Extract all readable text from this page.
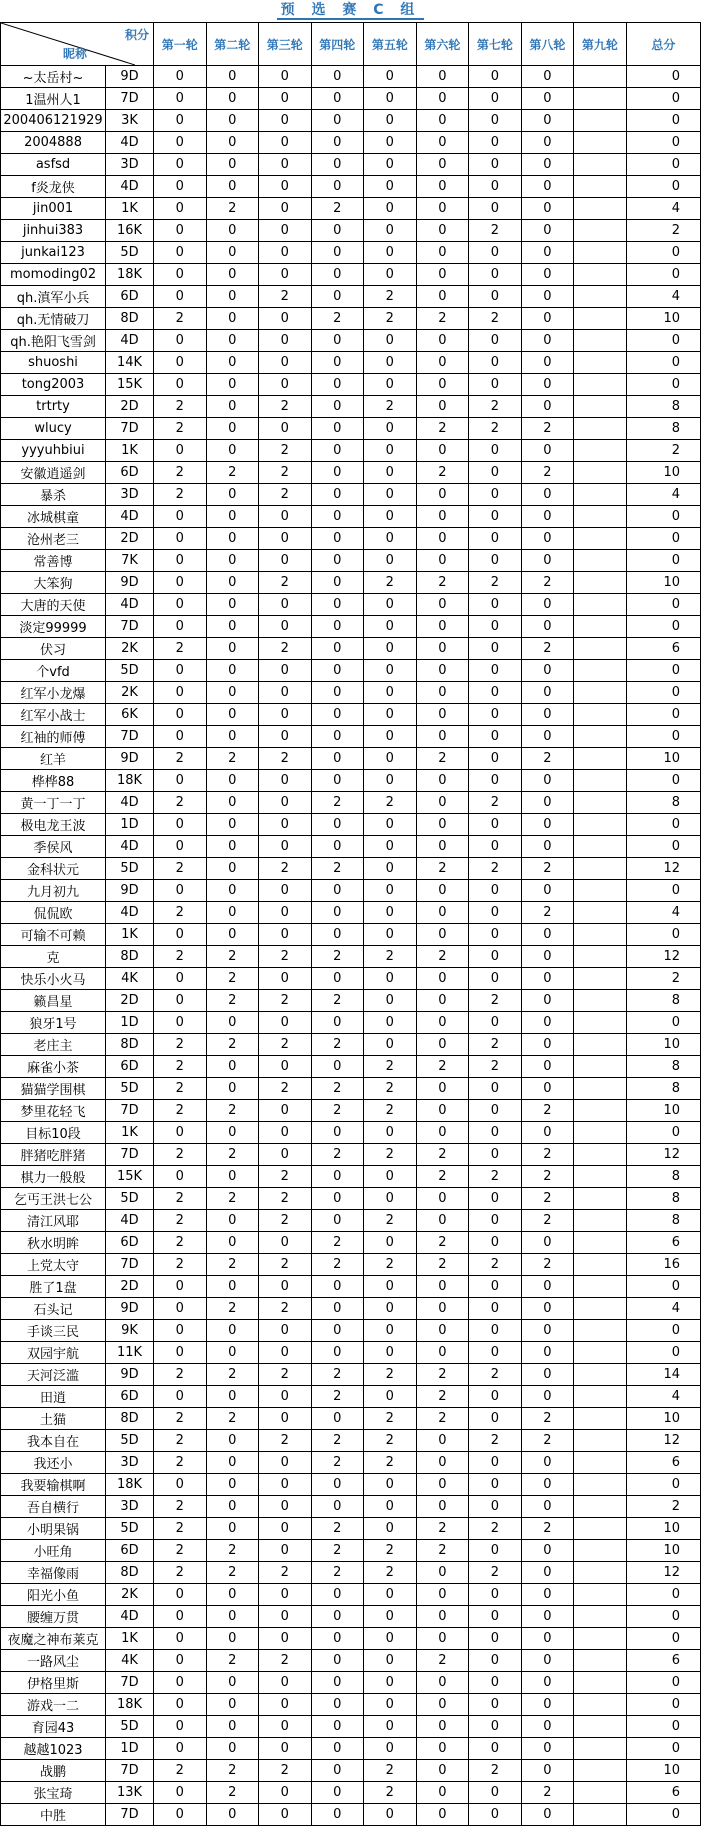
预 选 赛 C 组
积分
昵称		第一轮	第二轮	第三轮	第四轮	第五轮	第六轮	第七轮	第八轮	第九轮	总分
~太岳村~	9D	0	0	0	0	0	0	0	0		0
1温州人1	7D	0	0	0	0	0	0	0	0		0
200406121929	3K	0	0	0	0	0	0	0	0		0
2004888	4D	0	0	0	0	0	0	0	0		0
asfsd	3D	0	0	0	0	0	0	0	0		0
f炎龙侠	4D	0	0	0	0	0	0	0	0		0
jin001	1K	0	2	0	2	0	0	0	0		4
jinhui383	16K	0	0	0	0	0	0	2	0		2
junkai123	5D	0	0	0	0	0	0	0	0		0
momoding02	18K	0	0	0	0	0	0	0	0		0
qh.滇军小兵	6D	0	0	2	0	2	0	0	0		4
qh.无情破刀	8D	2	0	0	2	2	2	2	0		10
qh.艳阳飞雪剑	4D	0	0	0	0	0	0	0	0		0
shuoshi	14K	0	0	0	0	0	0	0	0		0
tong2003	15K	0	0	0	0	0	0	0	0		0
trtrty	2D	2	0	2	0	2	0	2	0		8
wlucy	7D	2	0	0	0	0	2	2	2		8
yyyuhbiui	1K	0	0	2	0	0	0	0	0		2
安徽逍遥剑	6D	2	2	2	0	0	2	0	2		10
暴杀	3D	2	0	2	0	0	0	0	0		4
冰城棋童	4D	0	0	0	0	0	0	0	0		0
沧州老三	2D	0	0	0	0	0	0	0	0		0
常善博	7K	0	0	0	0	0	0	0	0		0
大笨狗	9D	0	0	2	0	2	2	2	2		10
大唐的天使	4D	0	0	0	0	0	0	0	0		0
淡定99999	7D	0	0	0	0	0	0	0	0		0
伏习	2K	2	0	2	0	0	0	0	2		6
个vfd	5D	0	0	0	0	0	0	0	0		0
红军小龙爆	2K	0	0	0	0	0	0	0	0		0
红军小战士	6K	0	0	0	0	0	0	0	0		0
红袖的师傅	7D	0	0	0	0	0	0	0	0		0
红羊	9D	2	2	2	0	0	2	0	2		10
桦桦88	18K	0	0	0	0	0	0	0	0		0
黄一丁一丁	4D	2	0	0	2	2	0	2	0		8
极电龙王波	1D	0	0	0	0	0	0	0	0		0
季侯风	4D	0	0	0	0	0	0	0	0		0
金科状元	5D	2	0	2	2	0	2	2	2		12
九月初九	9D	0	0	0	0	0	0	0	0		0
侃侃欧	4D	2	0	0	0	0	0	0	2		4
可输不可赖	1K	0	0	0	0	0	0	0	0		0
克	8D	2	2	2	2	2	2	0	0		12
快乐小火马	4K	0	2	0	0	0	0	0	0		2
籁昌星	2D	0	2	2	2	0	0	2	0		8
狼牙1号	1D	0	0	0	0	0	0	0	0		0
老庄主	8D	2	2	2	2	0	0	2	0		10
麻雀小茶	6D	2	0	0	0	2	2	2	0		8
猫猫学围棋	5D	2	0	2	2	2	0	0	0		8
梦里花轻飞	7D	2	2	0	2	2	0	0	2		10
目标10段	1K	0	0	0	0	0	0	0	0		0
胖猪吃胖猪	7D	2	2	0	2	2	2	0	2		12
棋力一般般	15K	0	0	2	0	0	2	2	2		8
乞丐王洪七公	5D	2	2	2	0	0	0	0	2		8
清江风耶	4D	2	0	2	0	2	0	0	2		8
秋水明眸	6D	2	0	0	2	0	2	0	0		6
上党太守	7D	2	2	2	2	2	2	2	2		16
胜了1盘	2D	0	0	0	0	0	0	0	0		0
石头记	9D	0	2	2	0	0	0	0	0		4
手谈三民	9K	0	0	0	0	0	0	0	0		0
双园宇航	11K	0	0	0	0	0	0	0	0		0
天河泛滥	9D	2	2	2	2	2	2	2	0		14
田逍	6D	0	0	0	2	0	2	0	0		4
土猫	8D	2	2	0	0	2	2	0	2		10
我本自在	5D	2	0	2	2	2	0	2	2		12
我还小	3D	2	0	0	2	2	0	0	0		6
我要输棋啊	18K	0	0	0	0	0	0	0	0		0
吾自横行	3D	2	0	0	0	0	0	0	0		2
小明果锅	5D	2	0	0	2	0	2	2	2		10
小旺角	6D	2	2	0	2	2	2	0	0		10
幸福像雨	8D	2	2	2	2	2	0	2	0		12
阳光小鱼	2K	0	0	0	0	0	0	0	0		0
腰缠万贯	4D	0	0	0	0	0	0	0	0		0
夜魔之神布莱克	1K	0	0	0	0	0	0	0	0		0
一路风尘	4K	0	2	2	0	0	2	0	0		6
伊格里斯	7D	0	0	0	0	0	0	0	0		0
游戏一二	18K	0	0	0	0	0	0	0	0		0
育园43	5D	0	0	0	0	0	0	0	0		0
越越1023	1D	0	0	0	0	0	0	0	0		0
战鹏	7D	2	2	2	0	2	0	2	0		10
张宝琦	13K	0	2	0	0	2	0	0	2		6
中胜	7D	0	0	0	0	0	0	0	0		0
